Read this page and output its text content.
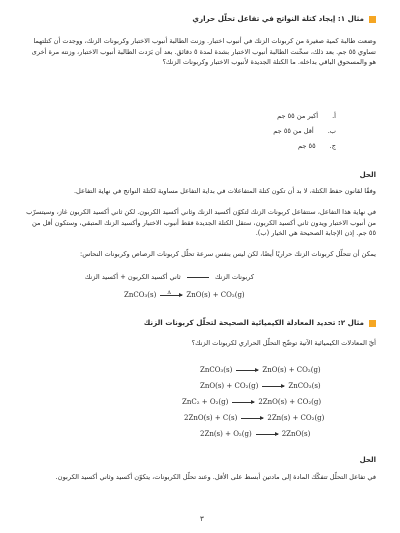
مثال ١: إيجاد كتلة النواتج في تفاعل تحلّل حراري
وضعت طالبة كمية صغيرة من كربونات الزنك في أنبوب اختبار. وزنت الطالبة أنبوب الاختبار وكربونات الزنك، ووجدت أن كتلتهما تساوي ٥٥ جم. بعد ذلك، سخّنت الطالبة أنبوب الاختبار بشدة لمدة ٥ دقائق. بعد أن بَرَدت الطالبة أنبوب الاختبار، وزنته مرة أخرى هو والمسحوق الباقي بداخله. ما الكتلة الجديدة لأنبوب الاختبار وكربونات الزنك؟
أ.
أكبر من ٥٥ جم
ب.
أقل من ٥٥ جم
ج.
٥٥ جم
الحل
وفقًا لقانون حفظ الكتلة، لا بد أن تكون كتلة المتفاعلات في بداية التفاعل مساوية لكتلة النواتج في نهاية التفاعل.
في نهاية هذا التفاعل، ستتفاعل كربونات الزنك لتكوّن أكسيد الزنك وثاني أكسيد الكربون. لكن ثاني أكسيد الكربون غاز، وسيتسرّب من أنبوب الاختبار ويدون ثاني أكسيد الكربون، ستقل الكتلة الجديدة فقط أنبوب الاختبار وأكسيد الزنك المتبقي، وستكون أقل من ٥٥ جم. إذن الإجابة الصحيحة هي الخيار (ب).
يمكن أن تتحلّل كربونات الزنك حراريًا أيضًا، لكن ليس بنفس سرعة تحلّل كربونات الرصاص وكربونات النحاس:
كربونات الزنك  ثاني أكسيد الكربون + أكسيد الزنك
ZnCO₃(s) Δ ZnO(s) + CO₂(g)
مثال ٢: تحديد المعادلة الكيميائية الصحيحة لتحلّل كربونات الزنك
أيّ المعادلات الكيميائية الآتية توضّح التحلّل الحراري لكربونات الزنك؟
ZnCO₃(s) → ZnO(s) + CO₂(g)
ZnO(s) + CO₂(g) → ZnCO₃(s)
ZnC₂ + O₂(g) → 2ZnO(s) + CO₂(g)
2ZnO(s) + C(s) → 2Zn(s) + CO₂(g)
2Zn(s) + O₂(g) → 2ZnO(s)
الحل
في تفاعل التحلّل تتفكّك المادة إلى مادتين أبسط على الأقل. وعند تحلّل الكربونات، يتكوّن أكسيد وثاني أكسيد الكربون.
٣
